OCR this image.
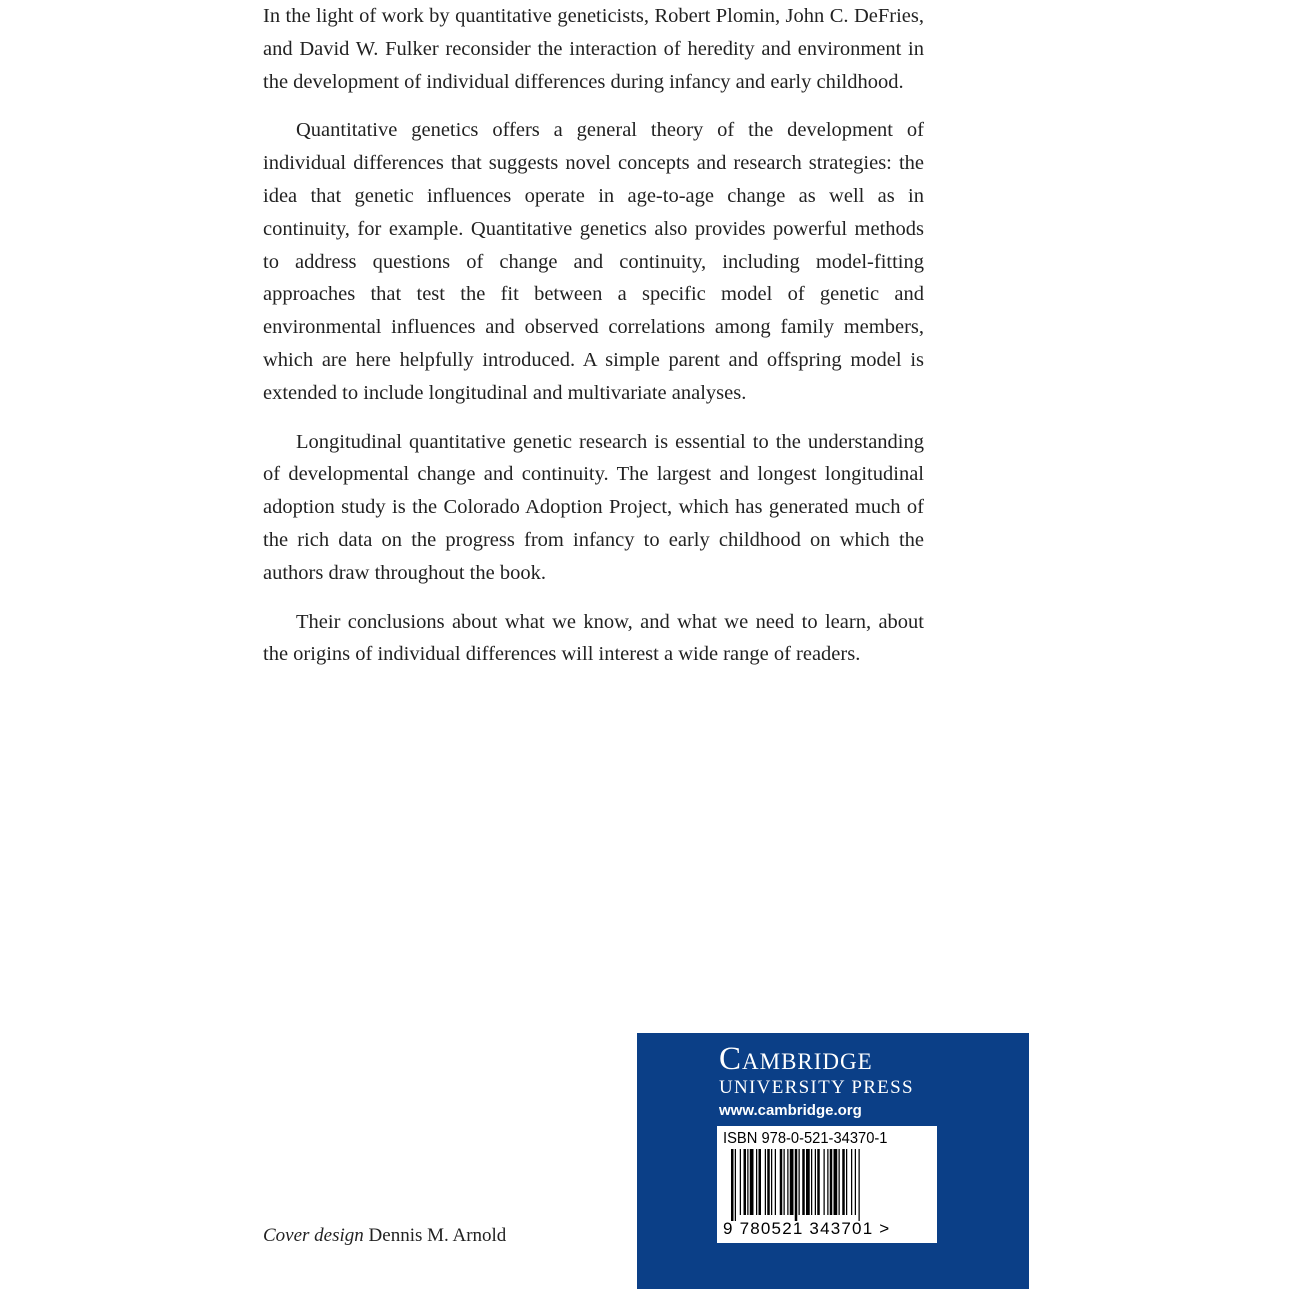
In the light of work by quantitative geneticists, Robert Plomin, John C. DeFries, and David W. Fulker reconsider the interaction of heredity and environment in the development of individual differences during infancy and early childhood.

Quantitative genetics offers a general theory of the development of individual differences that suggests novel concepts and research strategies: the idea that genetic influences operate in age-to-age change as well as in continuity, for example. Quantitative genetics also provides powerful methods to address questions of change and continuity, including model-fitting approaches that test the fit between a specific model of genetic and environmental influences and observed correlations among family members, which are here helpfully introduced. A simple parent and offspring model is extended to include longitudinal and multivariate analyses.

Longitudinal quantitative genetic research is essential to the understanding of developmental change and continuity. The largest and longest longitudinal adoption study is the Colorado Adoption Project, which has generated much of the rich data on the progress from infancy to early childhood on which the authors draw throughout the book.

Their conclusions about what we know, and what we need to learn, about the origins of individual differences will interest a wide range of readers.

Cover design Dennis M. Arnold
Cambridge
UNIVERSITY PRESS
www.cambridge.org
ISBN 978-0-521-34370-1
9 780521 343701 >
